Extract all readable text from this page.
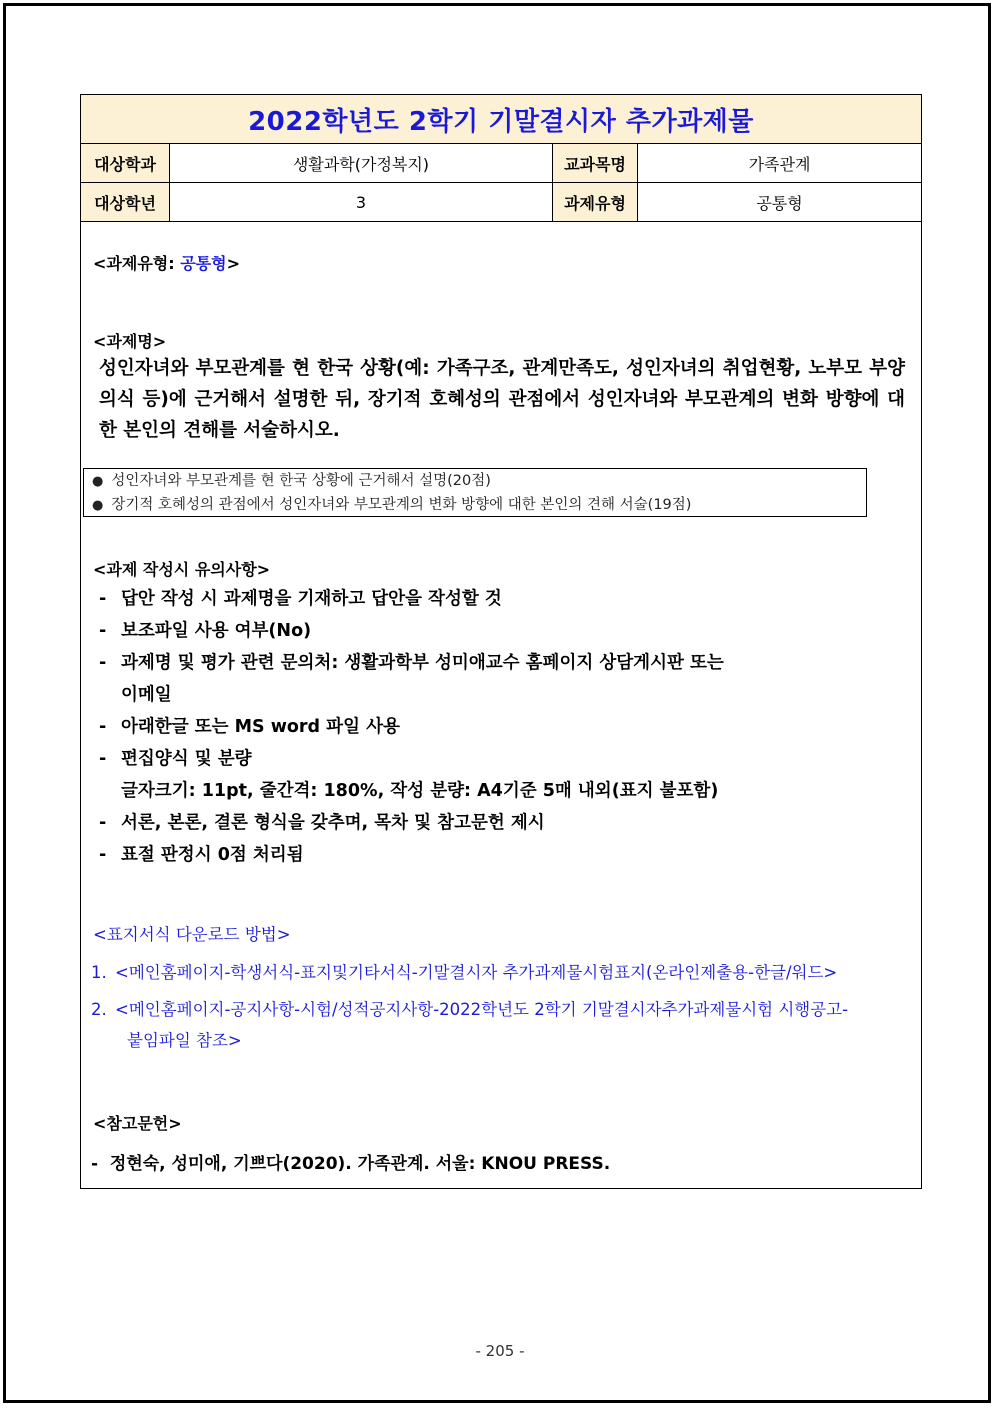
2022학년도 2학기 기말결시자 추가과제물
대상학과	생활과학(가정복지)	교과목명	가족관계
대상학년	3	과제유형	공통형
<과제유형: 공통형>
<과제명>
성인자녀와 부모관계를 현 한국 상황(예: 가족구조, 관계만족도, 성인자녀의 취업현황, 노부모 부양의식 등)에 근거해서 설명한 뒤, 장기적 호혜성의 관점에서 성인자녀와 부모관계의 변화 방향에 대한 본인의 견해를 서술하시오.
● 성인자녀와 부모관계를 현 한국 상황에 근거해서 설명(20점)
● 장기적 호혜성의 관점에서 성인자녀와 부모관계의 변화 방향에 대한 본인의 견해 서술(19점)
<과제 작성시 유의사항>
- 답안 작성 시 과제명을 기재하고 답안을 작성할 것
- 보조파일 사용 여부(No)
- 과제명 및 평가 관련 문의처: 생활과학부 성미애교수 홈페이지 상담게시판 또는
이메일
- 아래한글 또는 MS word 파일 사용
- 편집양식 및 분량
글자크기: 11pt, 줄간격: 180%, 작성 분량: A4기준 5매 내외(표지 불포함)
- 서론, 본론, 결론 형식을 갖추며, 목차 및 참고문헌 제시
- 표절 판정시 0점 처리됨
<표지서식 다운로드 방법>
1. <메인홈페이지-학생서식-표지및기타서식-기말결시자 추가과제물시험표지(온라인제출용-한글/워드>
2. <메인홈페이지-공지사항-시험/성적공지사항-2022학년도 2학기 기말결시자추가과제물시험 시행공고-
붙임파일 참조>
<참고문헌>
- 정현숙, 성미애, 기쁘다(2020). 가족관계. 서울: KNOU PRESS.
- 205 -
